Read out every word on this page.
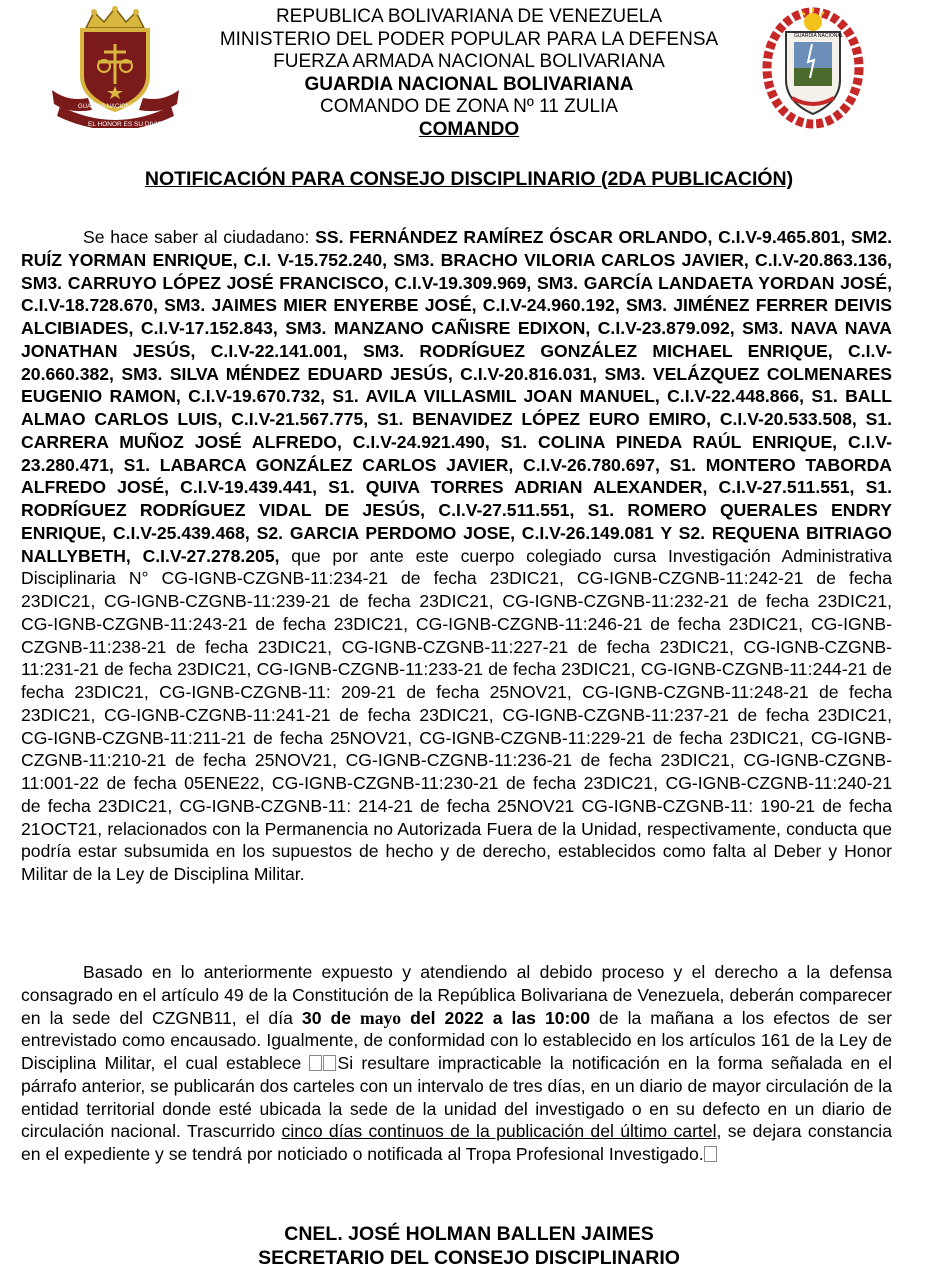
GUARDIA NACIONAL
EL HONOR ES SU DIVISA
REPUBLICA BOLIVARIANA DE VENEZUELA
MINISTERIO DEL PODER POPULAR PARA LA DEFENSA
FUERZA ARMADA NACIONAL BOLIVARIANA
GUARDIA NACIONAL BOLIVARIANA
COMANDO DE ZONA Nº 11 ZULIA
COMANDO
GUARDIA NACIONAL
NOTIFICACIÓN PARA CONSEJO DISCIPLINARIO (2DA PUBLICACIÓN)
Se hace saber al ciudadano: SS. FERNÁNDEZ RAMÍREZ ÓSCAR ORLANDO, C.I.V-9.465.801, SM2. RUÍZ YORMAN ENRIQUE, C.I. V-15.752.240, SM3. BRACHO VILORIA CARLOS JAVIER, C.I.V-20.863.136, SM3. CARRUYO LÓPEZ JOSÉ FRANCISCO, C.I.V-19.309.969, SM3. GARCÍA LANDAETA YORDAN JOSÉ, C.I.V-18.728.670, SM3. JAIMES MIER ENYERBE JOSÉ, C.I.V-24.960.192, SM3. JIMÉNEZ FERRER DEIVIS ALCIBIADES, C.I.V-17.152.843, SM3. MANZANO CAÑISRE EDIXON, C.I.V-23.879.092, SM3. NAVA NAVA JONATHAN JESÚS, C.I.V-22.141.001, SM3. RODRÍGUEZ GONZÁLEZ MICHAEL ENRIQUE, C.I.V-20.660.382, SM3. SILVA MÉNDEZ EDUARD JESÚS, C.I.V-20.816.031, SM3. VELÁZQUEZ COLMENARES EUGENIO RAMON, C.I.V-19.670.732, S1. AVILA VILLASMIL JOAN MANUEL, C.I.V-22.448.866, S1. BALL ALMAO CARLOS LUIS, C.I.V-21.567.775, S1. BENAVIDEZ LÓPEZ EURO EMIRO, C.I.V-20.533.508, S1. CARRERA MUÑOZ JOSÉ ALFREDO, C.I.V-24.921.490, S1. COLINA PINEDA RAÚL ENRIQUE, C.I.V-23.280.471, S1. LABARCA GONZÁLEZ CARLOS JAVIER, C.I.V-26.780.697, S1. MONTERO TABORDA ALFREDO JOSÉ, C.I.V-19.439.441, S1. QUIVA TORRES ADRIAN ALEXANDER, C.I.V-27.511.551, S1. RODRÍGUEZ RODRÍGUEZ VIDAL DE JESÚS, C.I.V-27.511.551, S1. ROMERO QUERALES ENDRY ENRIQUE, C.I.V-25.439.468, S2. GARCIA PERDOMO JOSE, C.I.V-26.149.081 Y S2. REQUENA BITRIAGO NALLYBETH, C.I.V-27.278.205, que por ante este cuerpo colegiado cursa Investigación Administrativa Disciplinaria N° CG-IGNB-CZGNB-11:234-21 de fecha 23DIC21, CG-IGNB-CZGNB-11:242-21 de fecha 23DIC21, CG-IGNB-CZGNB-11:239-21 de fecha 23DIC21, CG-IGNB-CZGNB-11:232-21 de fecha 23DIC21, CG-IGNB-CZGNB-11:243-21 de fecha 23DIC21, CG-IGNB-CZGNB-11:246-21 de fecha 23DIC21, CG-IGNB-CZGNB-11:238-21 de fecha 23DIC21, CG-IGNB-CZGNB-11:227-21 de fecha 23DIC21, CG-IGNB-CZGNB-11:231-21 de fecha 23DIC21, CG-IGNB-CZGNB-11:233-21 de fecha 23DIC21, CG-IGNB-CZGNB-11:244-21 de fecha 23DIC21, CG-IGNB-CZGNB-11: 209-21 de fecha 25NOV21, CG-IGNB-CZGNB-11:248-21 de fecha 23DIC21, CG-IGNB-CZGNB-11:241-21 de fecha 23DIC21, CG-IGNB-CZGNB-11:237-21 de fecha 23DIC21, CG-IGNB-CZGNB-11:211-21 de fecha 25NOV21, CG-IGNB-CZGNB-11:229-21 de fecha 23DIC21, CG-IGNB-CZGNB-11:210-21 de fecha 25NOV21, CG-IGNB-CZGNB-11:236-21 de fecha 23DIC21, CG-IGNB-CZGNB-11:001-22 de fecha 05ENE22, CG-IGNB-CZGNB-11:230-21 de fecha 23DIC21, CG-IGNB-CZGNB-11:240-21 de fecha 23DIC21, CG-IGNB-CZGNB-11: 214-21 de fecha 25NOV21 CG-IGNB-CZGNB-11: 190-21 de fecha 21OCT21, relacionados con la Permanencia no Autorizada Fuera de la Unidad, respectivamente, conducta que podría estar subsumida en los supuestos de hecho y de derecho, establecidos como falta al Deber y Honor Militar de la Ley de Disciplina Militar.
Basado en lo anteriormente expuesto y atendiendo al debido proceso y el derecho a la defensa consagrado en el artículo 49 de la Constitución de la República Bolivariana de Venezuela, deberán comparecer en la sede del CZGNB11, el día 30 de mayo del 2022 a las 10:00 de la mañana a los efectos de ser entrevistado como encausado. Igualmente, de conformidad con lo establecido en los artículos 161 de la Ley de Disciplina Militar, el cual establece Si resultare impracticable la notificación en la forma señalada en el párrafo anterior, se publicarán dos carteles con un intervalo de tres días, en un diario de mayor circulación de la entidad territorial donde esté ubicada la sede de la unidad del investigado o en su defecto en un diario de circulación nacional. Trascurrido cinco días continuos de la publicación del último cartel, se dejara constancia en el expediente y se tendrá por noticiado o notificada al Tropa Profesional Investigado.
CNEL. JOSÉ HOLMAN BALLEN JAIMES
SECRETARIO DEL CONSEJO DISCIPLINARIO
